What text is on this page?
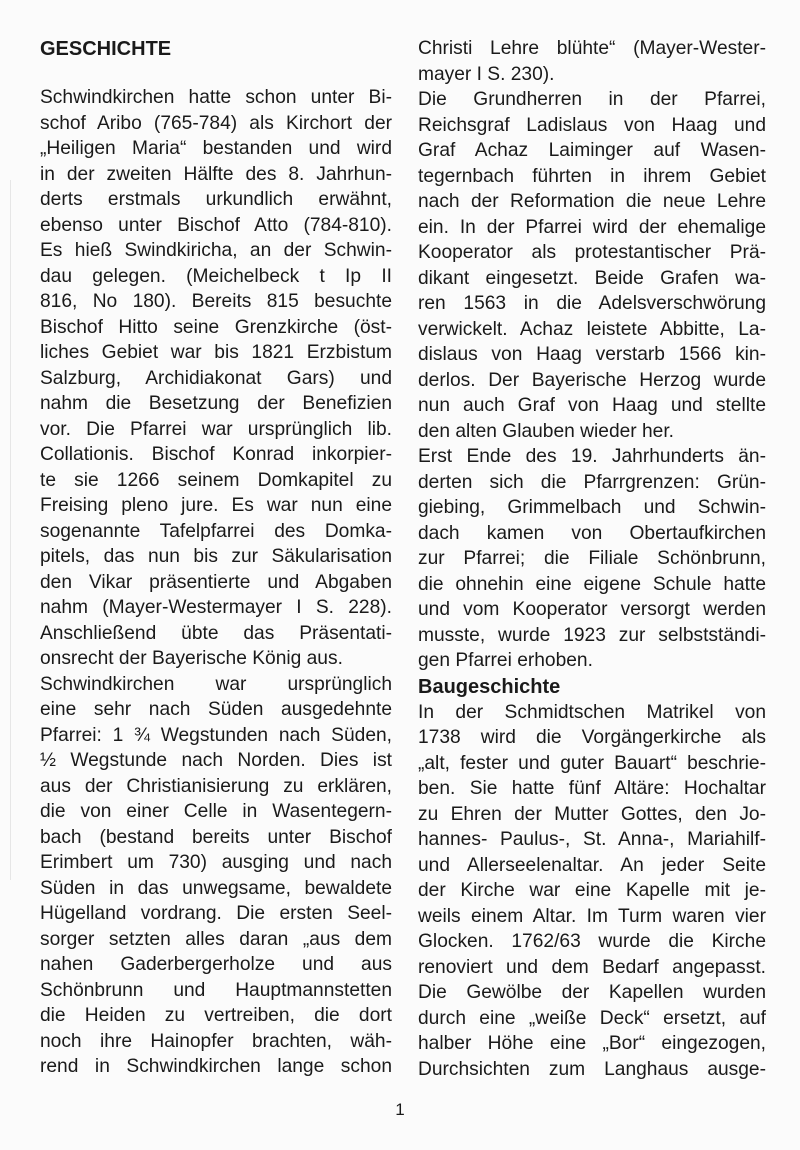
GESCHICHTE
Schwindkirchen hatte schon unter Bi-
schof Aribo (765-784) als Kirchort der
„Heiligen Maria“ bestanden und wird
in der zweiten Hälfte des 8. Jahrhun-
derts erstmals urkundlich erwähnt,
ebenso unter Bischof Atto (784-810).
Es hieß Swindkiricha, an der Schwin-
dau gelegen. (Meichelbeck t Ip II
816, No 180). Bereits 815 besuchte
Bischof Hitto seine Grenzkirche (öst-
liches Gebiet war bis 1821 Erzbistum
Salzburg, Archidiakonat Gars) und
nahm die Besetzung der Benefizien
vor. Die Pfarrei war ursprünglich lib.
Collationis. Bischof Konrad inkorpier-
te sie 1266 seinem Domkapitel zu
Freising pleno jure. Es war nun eine
sogenannte Tafelpfarrei des Domka-
pitels, das nun bis zur Säkularisation
den Vikar präsentierte und Abgaben
nahm (Mayer-Westermayer I S. 228).
Anschließend übte das Präsentati-
onsrecht der Bayerische König aus.
Schwindkirchen war ursprünglich
eine sehr nach Süden ausgedehnte
Pfarrei: 1 ¾ Wegstunden nach Süden,
½ Wegstunde nach Norden. Dies ist
aus der Christianisierung zu erklären,
die von einer Celle in Wasentegern-
bach (bestand bereits unter Bischof
Erimbert um 730) ausging und nach
Süden in das unwegsame, bewaldete
Hügelland vordrang. Die ersten Seel-
sorger setzten alles daran „aus dem
nahen Gaderbergerholze und aus
Schönbrunn und Hauptmannstetten
die Heiden zu vertreiben, die dort
noch ihre Hainopfer brachten, wäh-
rend in Schwindkirchen lange schon
Christi Lehre blühte“ (Mayer-Wester-
mayer I S. 230).
Die Grundherren in der Pfarrei,
Reichsgraf Ladislaus von Haag und
Graf Achaz Laiminger auf Wasen-
tegernbach führten in ihrem Gebiet
nach der Reformation die neue Lehre
ein. In der Pfarrei wird der ehemalige
Kooperator als protestantischer Prä-
dikant eingesetzt. Beide Grafen wa-
ren 1563 in die Adelsverschwörung
verwickelt. Achaz leistete Abbitte, La-
dislaus von Haag verstarb 1566 kin-
derlos. Der Bayerische Herzog wurde
nun auch Graf von Haag und stellte
den alten Glauben wieder her.
Erst Ende des 19. Jahrhunderts än-
derten sich die Pfarrgrenzen: Grün-
giebing, Grimmelbach und Schwin-
dach kamen von Obertaufkirchen
zur Pfarrei; die Filiale Schönbrunn,
die ohnehin eine eigene Schule hatte
und vom Kooperator versorgt werden
musste, wurde 1923 zur selbstständi-
gen Pfarrei erhoben.
Baugeschichte
In der Schmidtschen Matrikel von
1738 wird die Vorgängerkirche als
„alt, fester und guter Bauart“ beschrie-
ben. Sie hatte fünf Altäre: Hochaltar
zu Ehren der Mutter Gottes, den Jo-
hannes- Paulus-, St. Anna-, Mariahilf-
und Allerseelenaltar. An jeder Seite
der Kirche war eine Kapelle mit je-
weils einem Altar. Im Turm waren vier
Glocken. 1762/63 wurde die Kirche
renoviert und dem Bedarf angepasst.
Die Gewölbe der Kapellen wurden
durch eine „weiße Deck“ ersetzt, auf
halber Höhe eine „Bor“ eingezogen,
Durchsichten zum Langhaus ausge-
1
